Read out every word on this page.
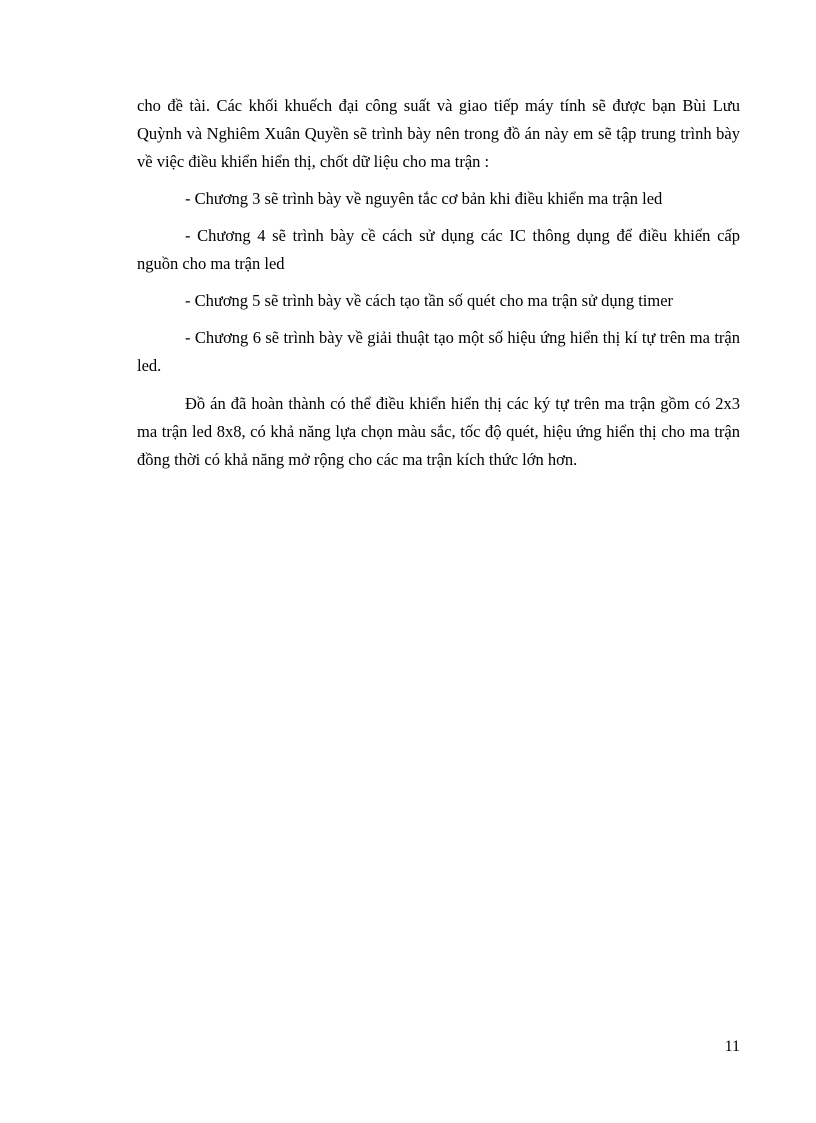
cho đề tài. Các khối khuếch đại công suất và giao tiếp máy tính sẽ được bạn Bùi Lưu Quỳnh và Nghiêm Xuân Quyền sẽ trình bày nên trong đồ án này em sẽ tập trung trình bày về việc điều khiển hiển thị, chốt dữ liệu cho ma trận :

- Chương 3 sẽ trình bày về nguyên tắc cơ bản khi điều khiển ma trận led

- Chương 4 sẽ trình bày cề cách sử dụng các IC thông dụng để điều khiển cấp nguồn cho ma trận led

- Chương 5 sẽ trình bày về cách tạo tần số quét cho ma trận sử dụng timer

- Chương 6 sẽ trình bày về giải thuật tạo một số hiệu ứng hiển thị kí tự trên ma trận led.

Đồ án đã hoàn thành có thể điều khiển hiển thị các ký tự trên ma trận gồm có 2x3 ma trận led 8x8, có khả năng lựa chọn màu sắc, tốc độ quét, hiệu ứng hiển thị cho ma trận đồng thời có khả năng mở rộng cho các ma trận kích thức lớn hơn.

11
